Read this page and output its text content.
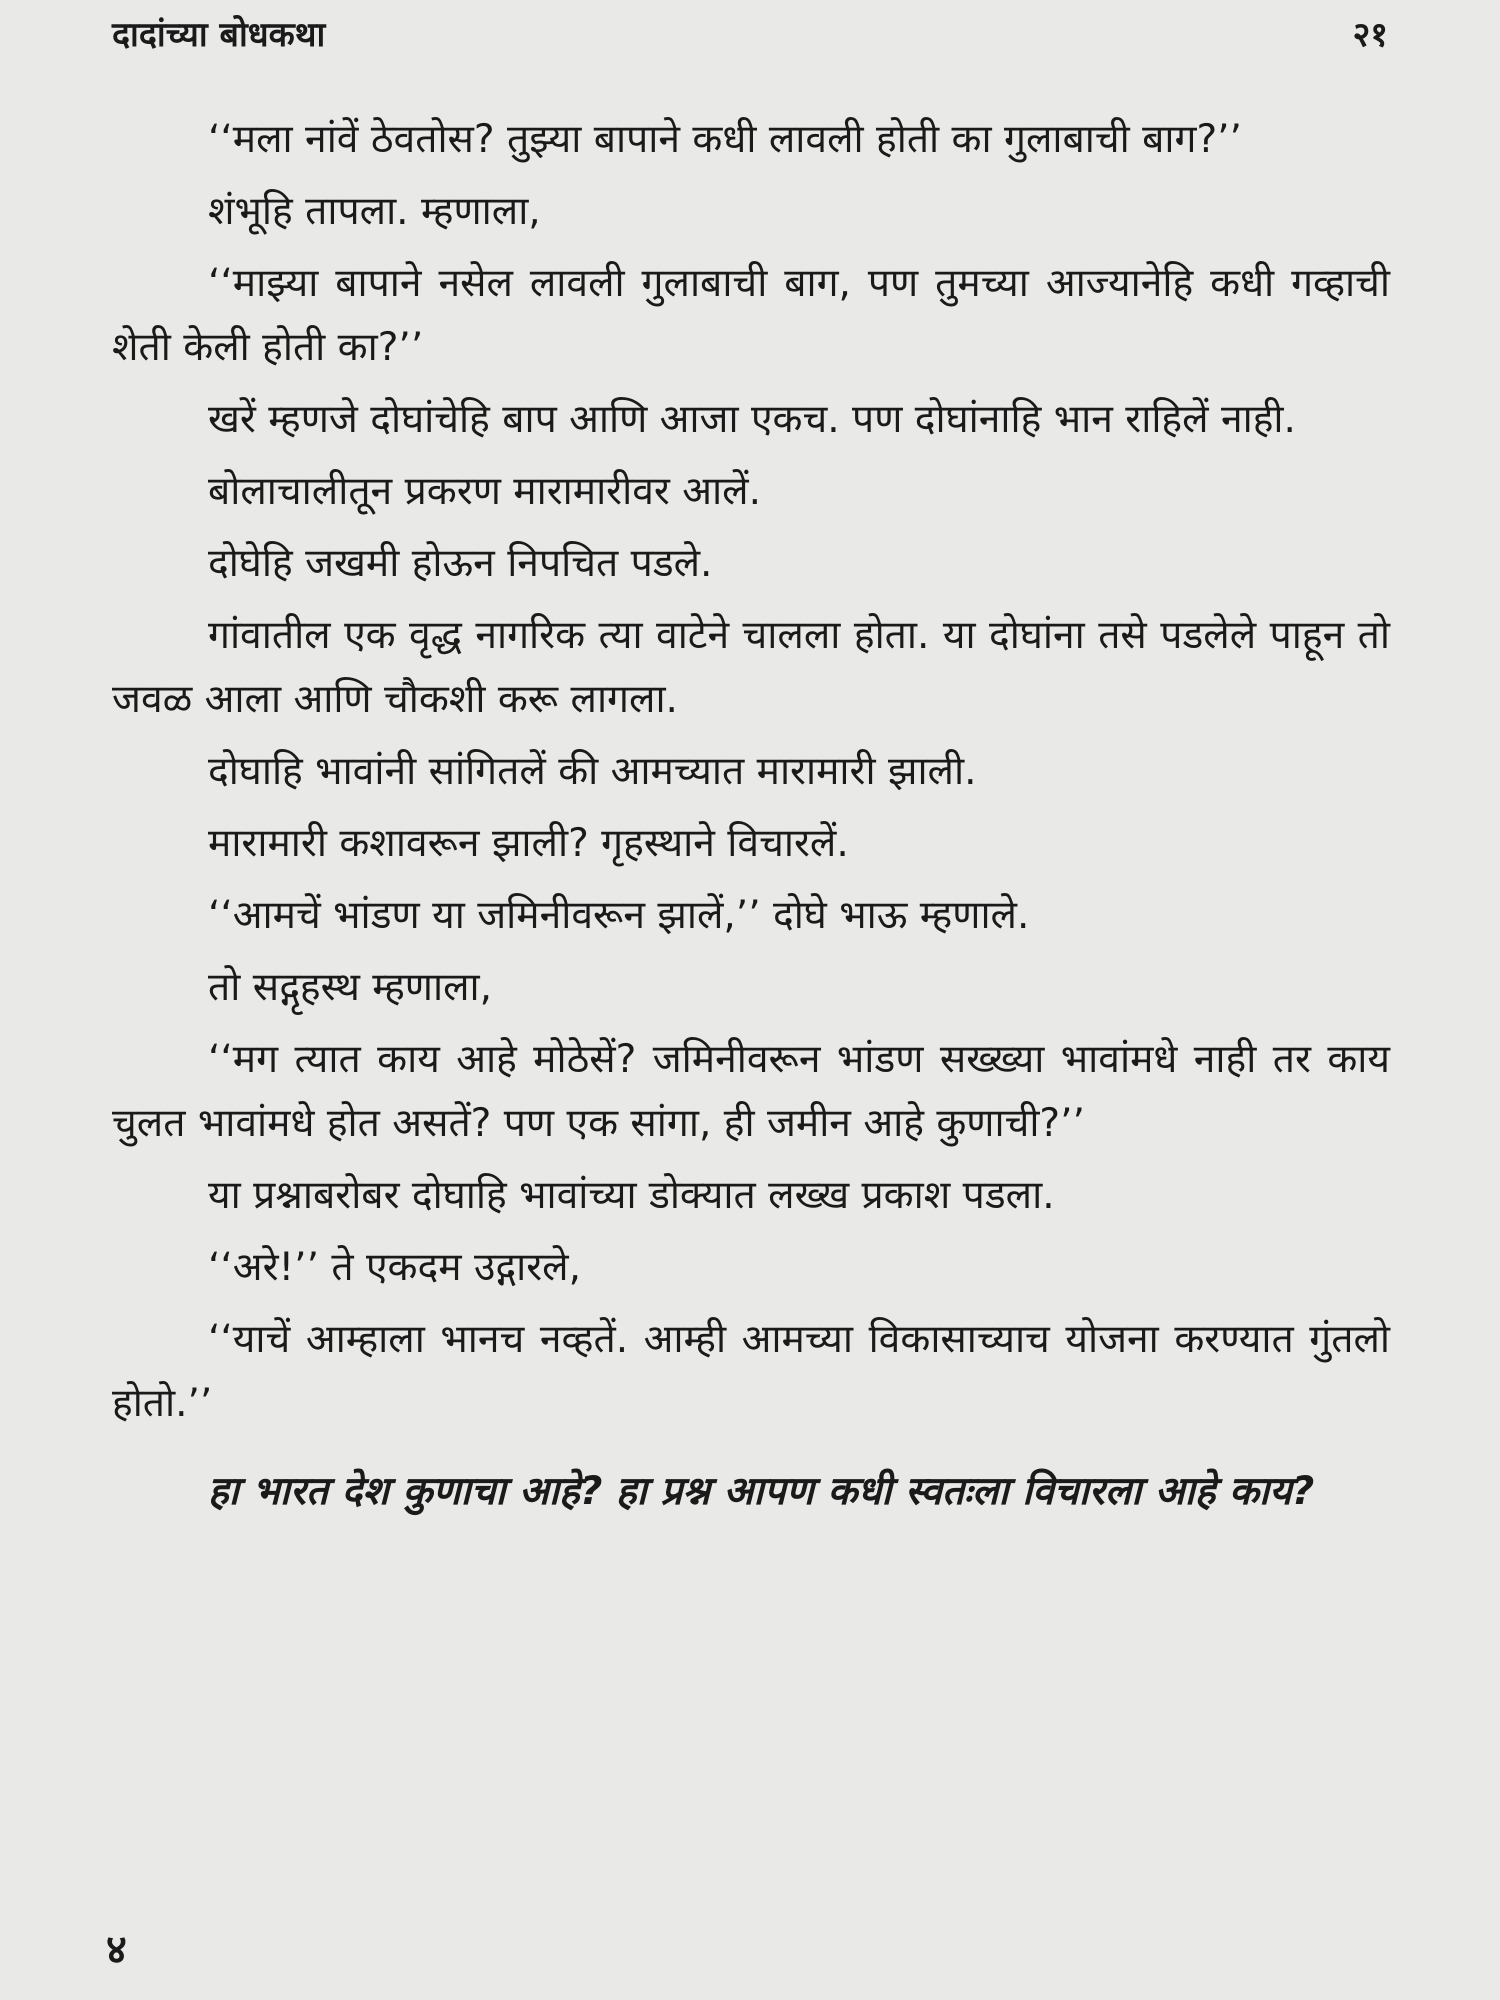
दादांच्या बोधकथा	२१

‘‘मला नांवें ठेवतोस? तुझ्या बापाने कधी लावली होती का गुलाबाची बाग?’’

शंभूहि तापला. म्हणाला,

‘‘माझ्या बापाने नसेल लावली गुलाबाची बाग, पण तुमच्या आज्यानेहि कधी गव्हाची शेती केली होती का?’’

खरें म्हणजे दोघांचेहि बाप आणि आजा एकच. पण दोघांनाहि भान राहिलें नाही.

बोलाचालीतून प्रकरण मारामारीवर आलें.

दोघेहि जखमी होऊन निपचित पडले.

गांवातील एक वृद्ध नागरिक त्या वाटेने चालला होता. या दोघांना तसे पडलेले पाहून तो जवळ आला आणि चौकशी करू लागला.

दोघाहि भावांनी सांगितलें की आमच्यात मारामारी झाली.

मारामारी कशावरून झाली? गृहस्थाने विचारलें.

‘‘आमचें भांडण या जमिनीवरून झालें,’’ दोघे भाऊ म्हणाले.

तो सद्गृहस्थ म्हणाला,

‘‘मग त्यात काय आहे मोठेसें? जमिनीवरून भांडण सख्ख्या भावांमधे नाही तर काय चुलत भावांमधे होत असतें? पण एक सांगा, ही जमीन आहे कुणाची?’’

या प्रश्नाबरोबर दोघाहि भावांच्या डोक्यात लख्ख प्रकाश पडला.

‘‘अरे!’’ ते एकदम उद्गारले,

‘‘याचें आम्हाला भानच नव्हतें. आम्ही आमच्या विकासाच्याच योजना करण्यात गुंतलो होतो.’’

हा भारत देश कुणाचा आहे? हा प्रश्न आपण कधी स्वतःला विचारला आहे काय?

४
